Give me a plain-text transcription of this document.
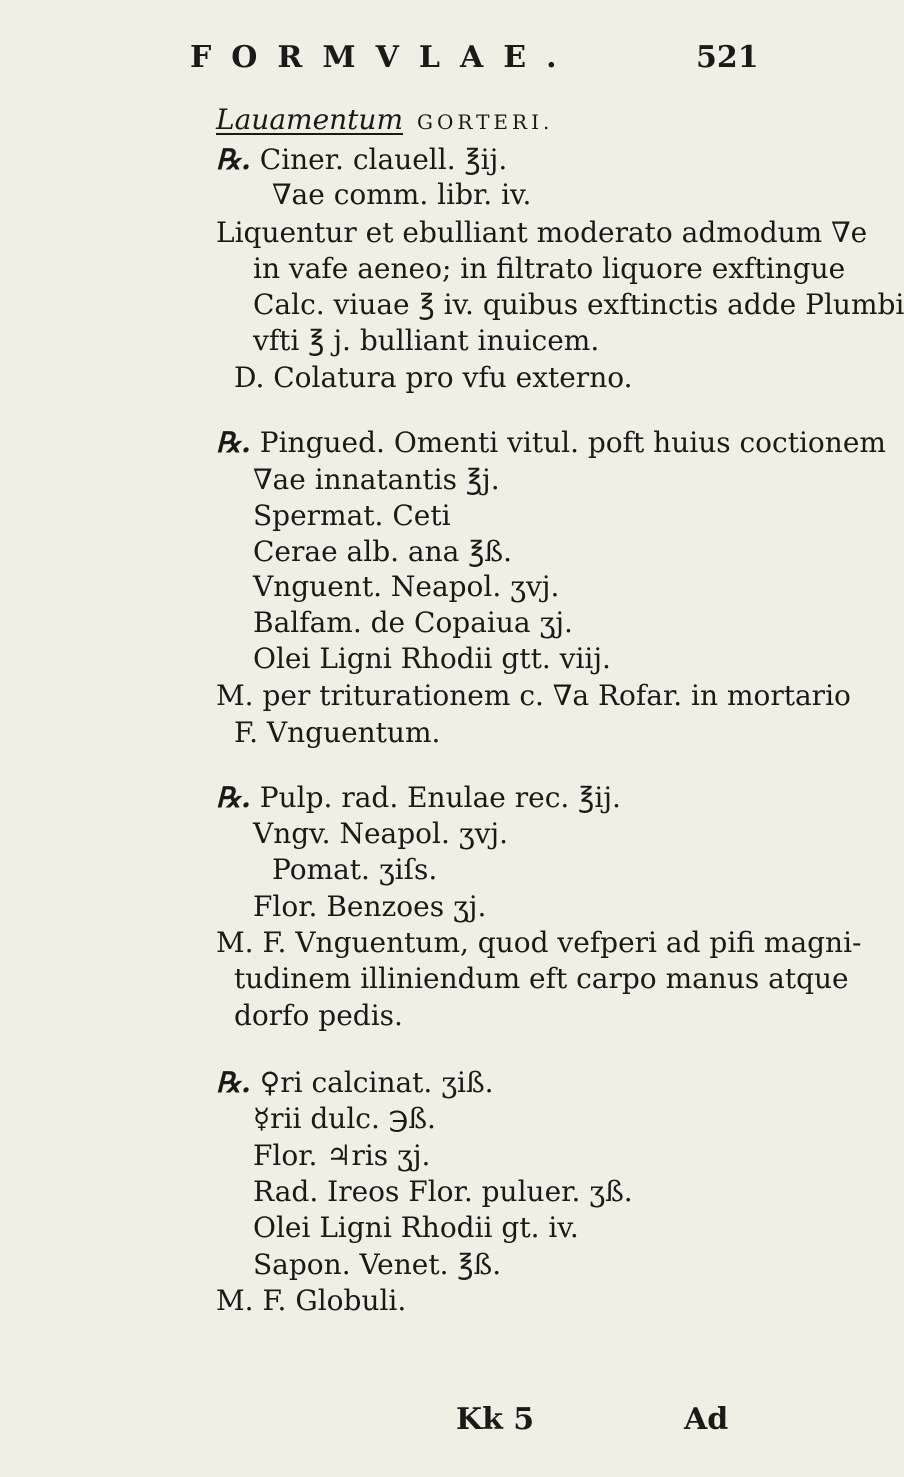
FORMVLAE.	521
Lauamentum GORTERI.
℞. Ciner. clauell. ℥ij.
∇ae comm. libr. iv.
Liquentur et ebulliant moderato admodum ∇e
in vafe aeneo; in filtrato liquore exftingue
Calc. viuae ℥ iv. quibus exftinctis adde Plumbi
vfti ℥ j. bulliant inuicem.
D. Colatura pro vfu externo.
℞. Pingued. Omenti vitul. poft huius coctionem
∇ae innatantis ℥j.
Spermat. Ceti
Cerae alb. ana ℥ß.
Vnguent. Neapol. ʒvj.
Balfam. de Copaiua ʒj.
Olei Ligni Rhodii gtt. viij.
M. per triturationem c. ∇a Rofar. in mortario
F. Vnguentum.
℞. Pulp. rad. Enulae rec. ℥ij.
Vngv. Neapol. ʒvj.
Pomat. ʒiſs.
Flor. Benzoes ʒj.
M. F. Vnguentum, quod vefperi ad pifi magni-
tudinem illiniendum eft carpo manus atque
dorfo pedis.
℞. ♀ri calcinat. ʒiß.
☿rii dulc. ℈ß.
Flor. ♃ris ʒj.
Rad. Ireos Flor. puluer. ʒß.
Olei Ligni Rhodii gt. iv.
Sapon. Venet. ℥ß.
M. F. Globuli.
Kk 5	Ad
